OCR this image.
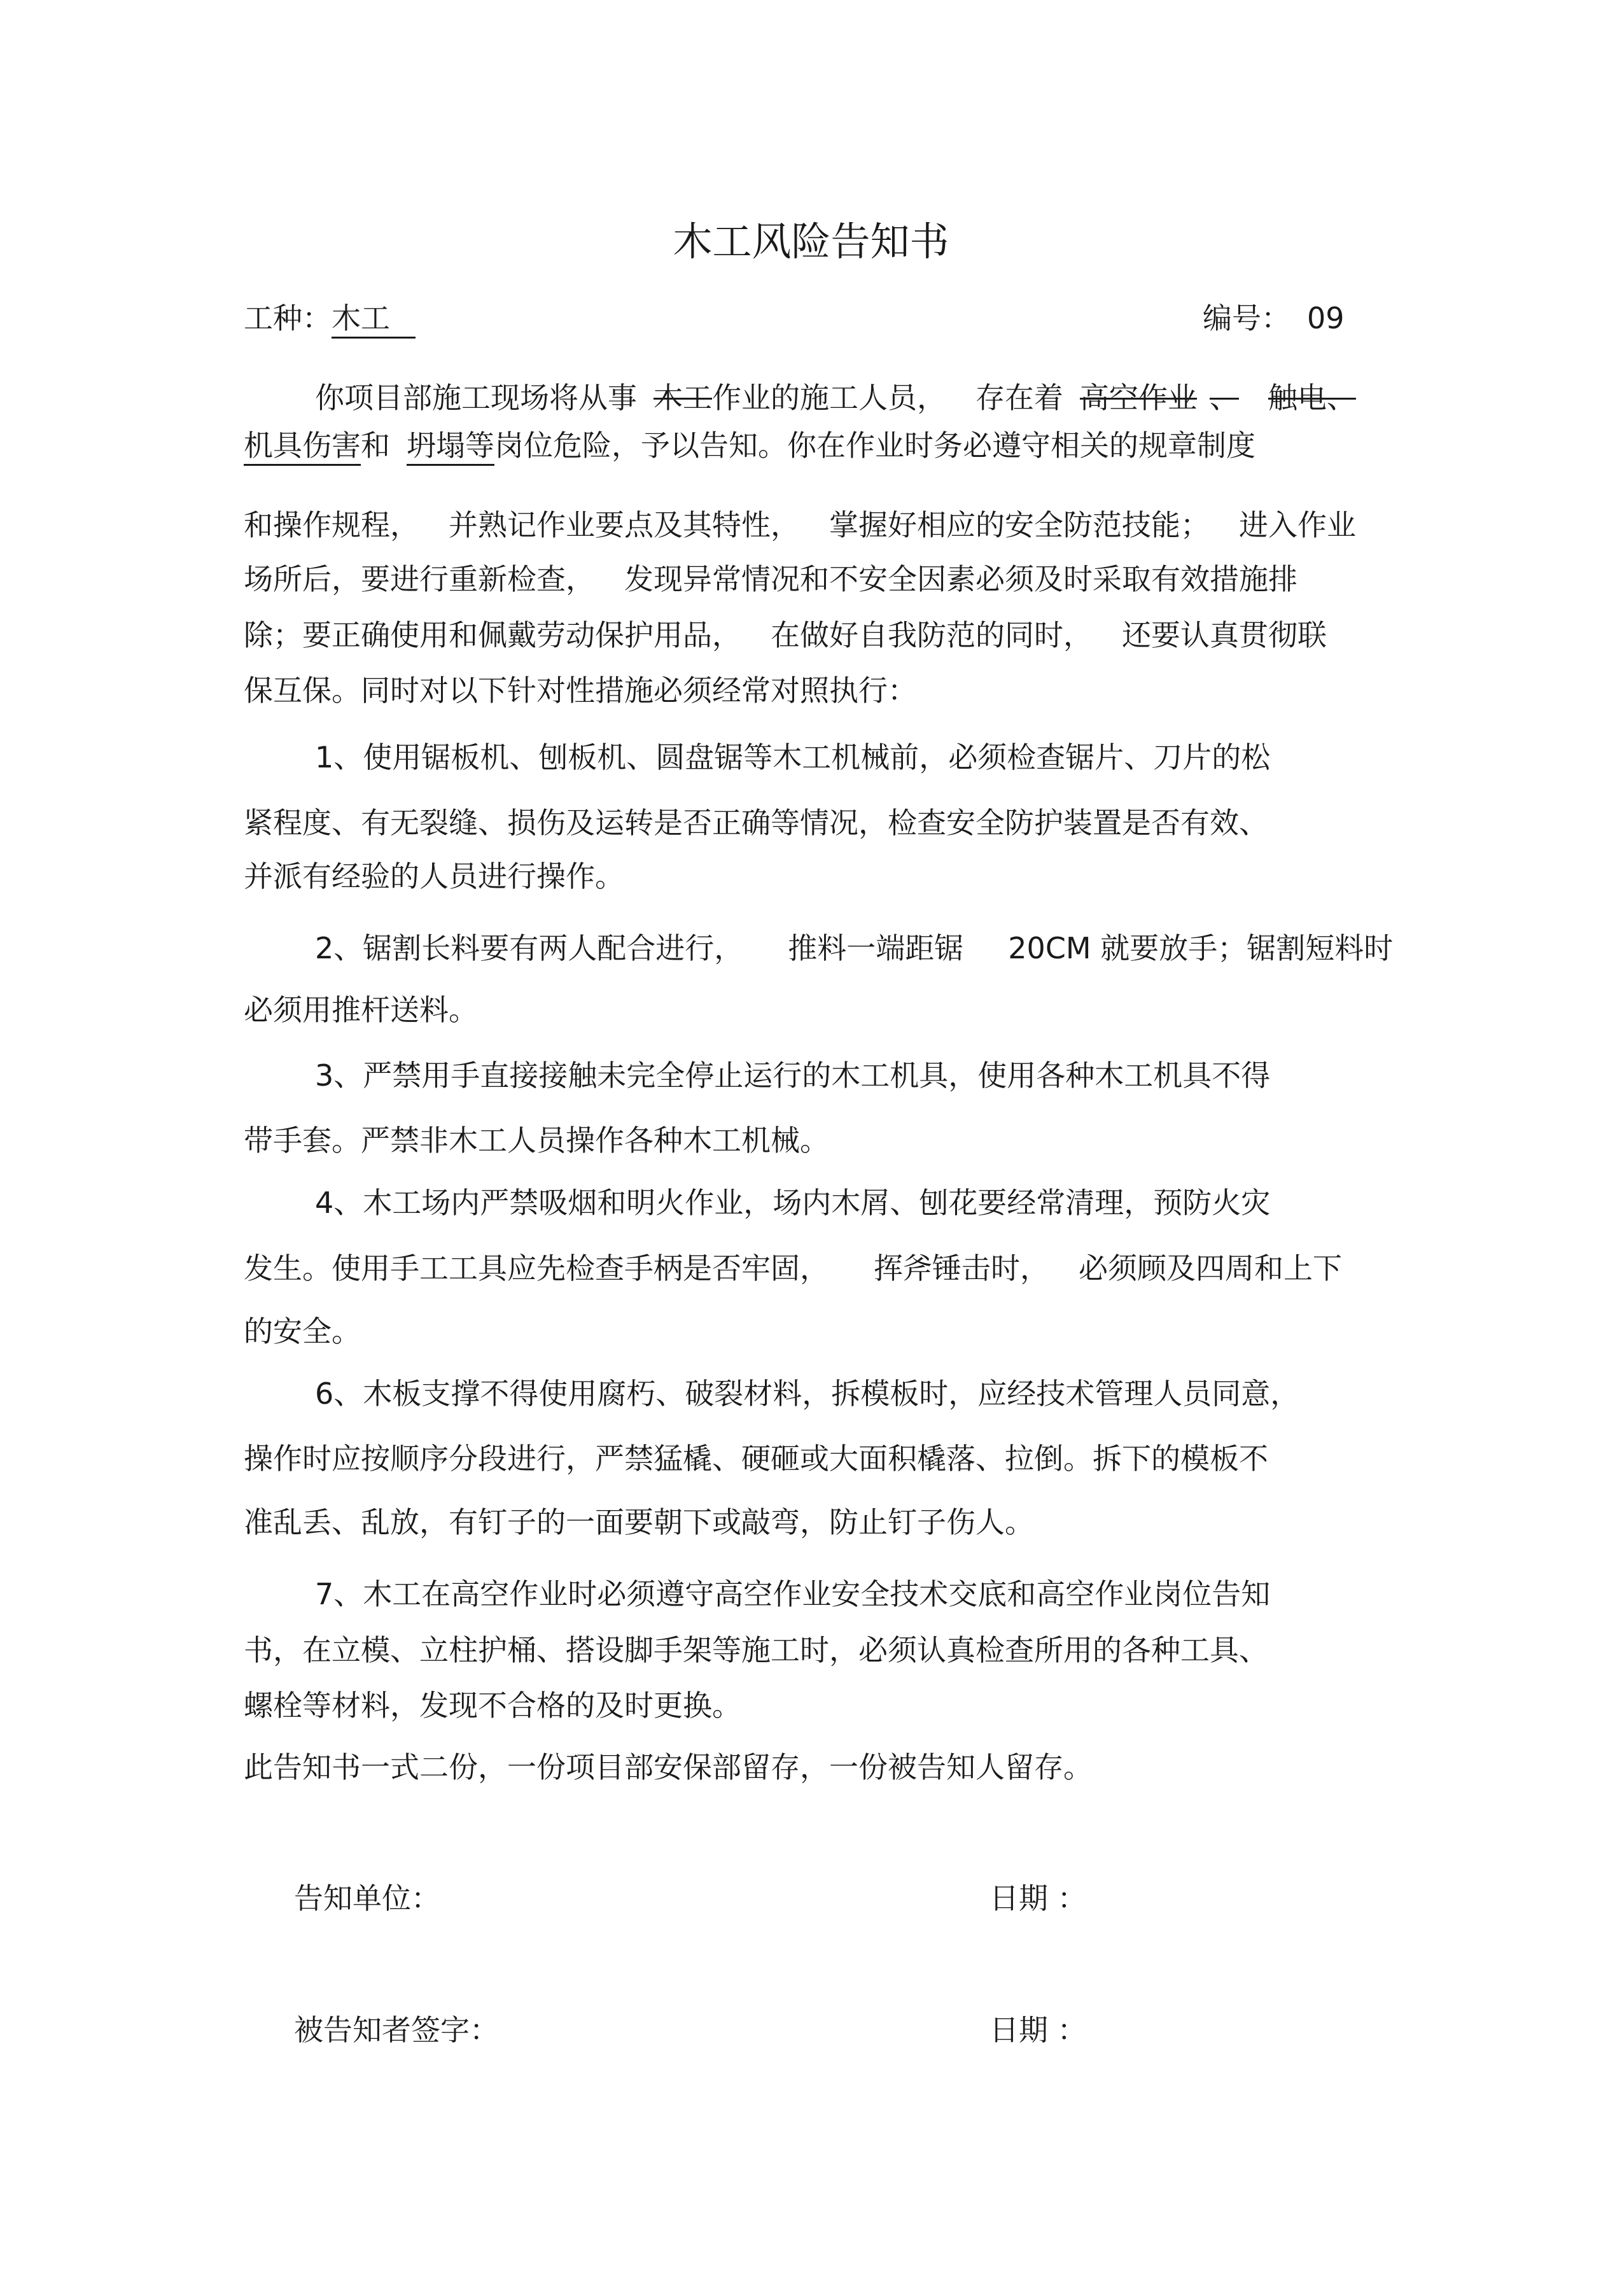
木工风险告知书
工种：木工	编号： 09
你项目部施工现场将从事 木工作业的施工人员， 存在着 高空作业 、 触电、
机具伤害和 坍塌等岗位危险，予以告知。你在作业时务必遵守相关的规章制度
和操作规程， 并熟记作业要点及其特性， 掌握好相应的安全防范技能； 进入作业
场所后，要进行重新检查， 发现异常情况和不安全因素必须及时采取有效措施排
除；要正确使用和佩戴劳动保护用品， 在做好自我防范的同时， 还要认真贯彻联
保互保。同时对以下针对性措施必须经常对照执行：
1、使用锯板机、刨板机、圆盘锯等木工机械前，必须检查锯片、刀片的松
紧程度、有无裂缝、损伤及运转是否正确等情况，检查安全防护装置是否有效、
并派有经验的人员进行操作。
2、锯割长料要有两人配合进行， 推料一端距锯 20CM 就要放手；锯割短料时
必须用推杆送料。
3、严禁用手直接接触未完全停止运行的木工机具，使用各种木工机具不得
带手套。严禁非木工人员操作各种木工机械。
4、木工场内严禁吸烟和明火作业，场内木屑、刨花要经常清理，预防火灾
发生。使用手工工具应先检查手柄是否牢固， 挥斧锤击时， 必须顾及四周和上下
的安全。
6、木板支撑不得使用腐朽、破裂材料，拆模板时，应经技术管理人员同意，
操作时应按顺序分段进行，严禁猛橇、硬砸或大面积橇落、拉倒。拆下的模板不
准乱丢、乱放，有钉子的一面要朝下或敲弯，防止钉子伤人。
7、木工在高空作业时必须遵守高空作业安全技术交底和高空作业岗位告知
书，在立模、立柱护桶、搭设脚手架等施工时，必须认真检查所用的各种工具、
螺栓等材料，发现不合格的及时更换。
此告知书一式二份，一份项目部安保部留存，一份被告知人留存。
告知单位：	日期 ：
被告知者签字：	日期 ：
